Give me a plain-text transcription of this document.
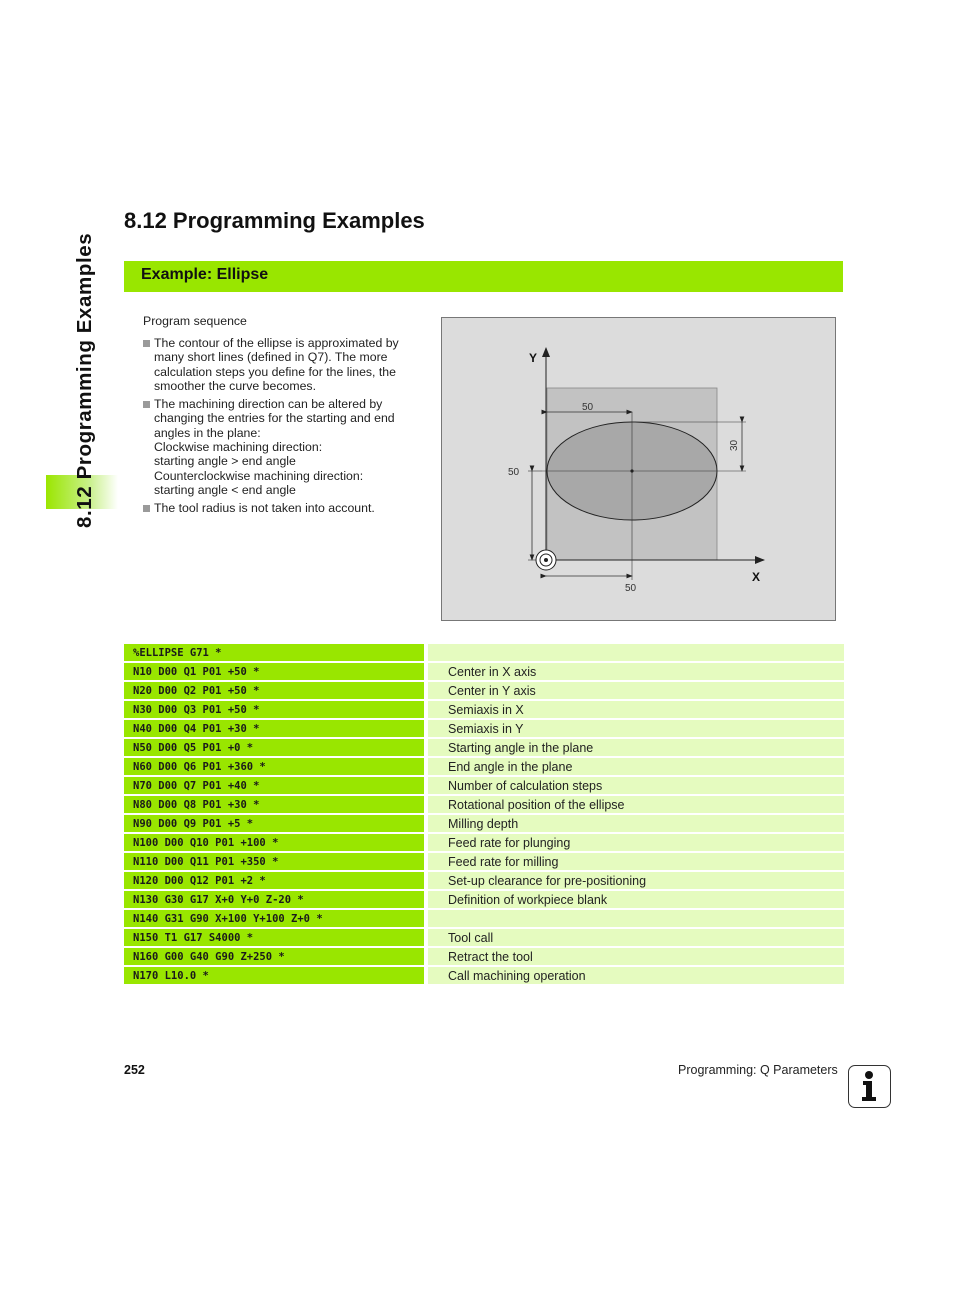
8.12 Programming Examples
8.12 Programming Examples
Example: Ellipse
Program sequence
The contour of the ellipse is approximated by
many short lines (defined in Q7). The more
calculation steps you define for the lines, the
smoother the curve becomes.
The machining direction can be altered by
changing the entries for the starting and end
angles in the plane:
Clockwise machining direction:
starting angle > end angle
Counterclockwise machining direction:
starting angle < end angle
The tool radius is not taken into account.
50
30
50
50
Y
X
%ELLIPSE G71 *	
N10 D00 Q1 P01 +50 *	Center in X axis
N20 D00 Q2 P01 +50 *	Center in Y axis
N30 D00 Q3 P01 +50 *	Semiaxis in X
N40 D00 Q4 P01 +30 *	Semiaxis in Y
N50 D00 Q5 P01 +0 *	Starting angle in the plane
N60 D00 Q6 P01 +360 *	End angle in the plane
N70 D00 Q7 P01 +40 *	Number of calculation steps
N80 D00 Q8 P01 +30 *	Rotational position of the ellipse
N90 D00 Q9 P01 +5 *	Milling depth
N100 D00 Q10 P01 +100 *	Feed rate for plunging
N110 D00 Q11 P01 +350 *	Feed rate for milling
N120 D00 Q12 P01 +2 *	Set-up clearance for pre-positioning
N130 G30 G17 X+0 Y+0 Z-20 *	Definition of workpiece blank
N140 G31 G90 X+100 Y+100 Z+0 *	
N150 T1 G17 S4000 *	Tool call
N160 G00 G40 G90 Z+250 *	Retract the tool
N170 L10.0 *	Call machining operation
252	Programming: Q Parameters
